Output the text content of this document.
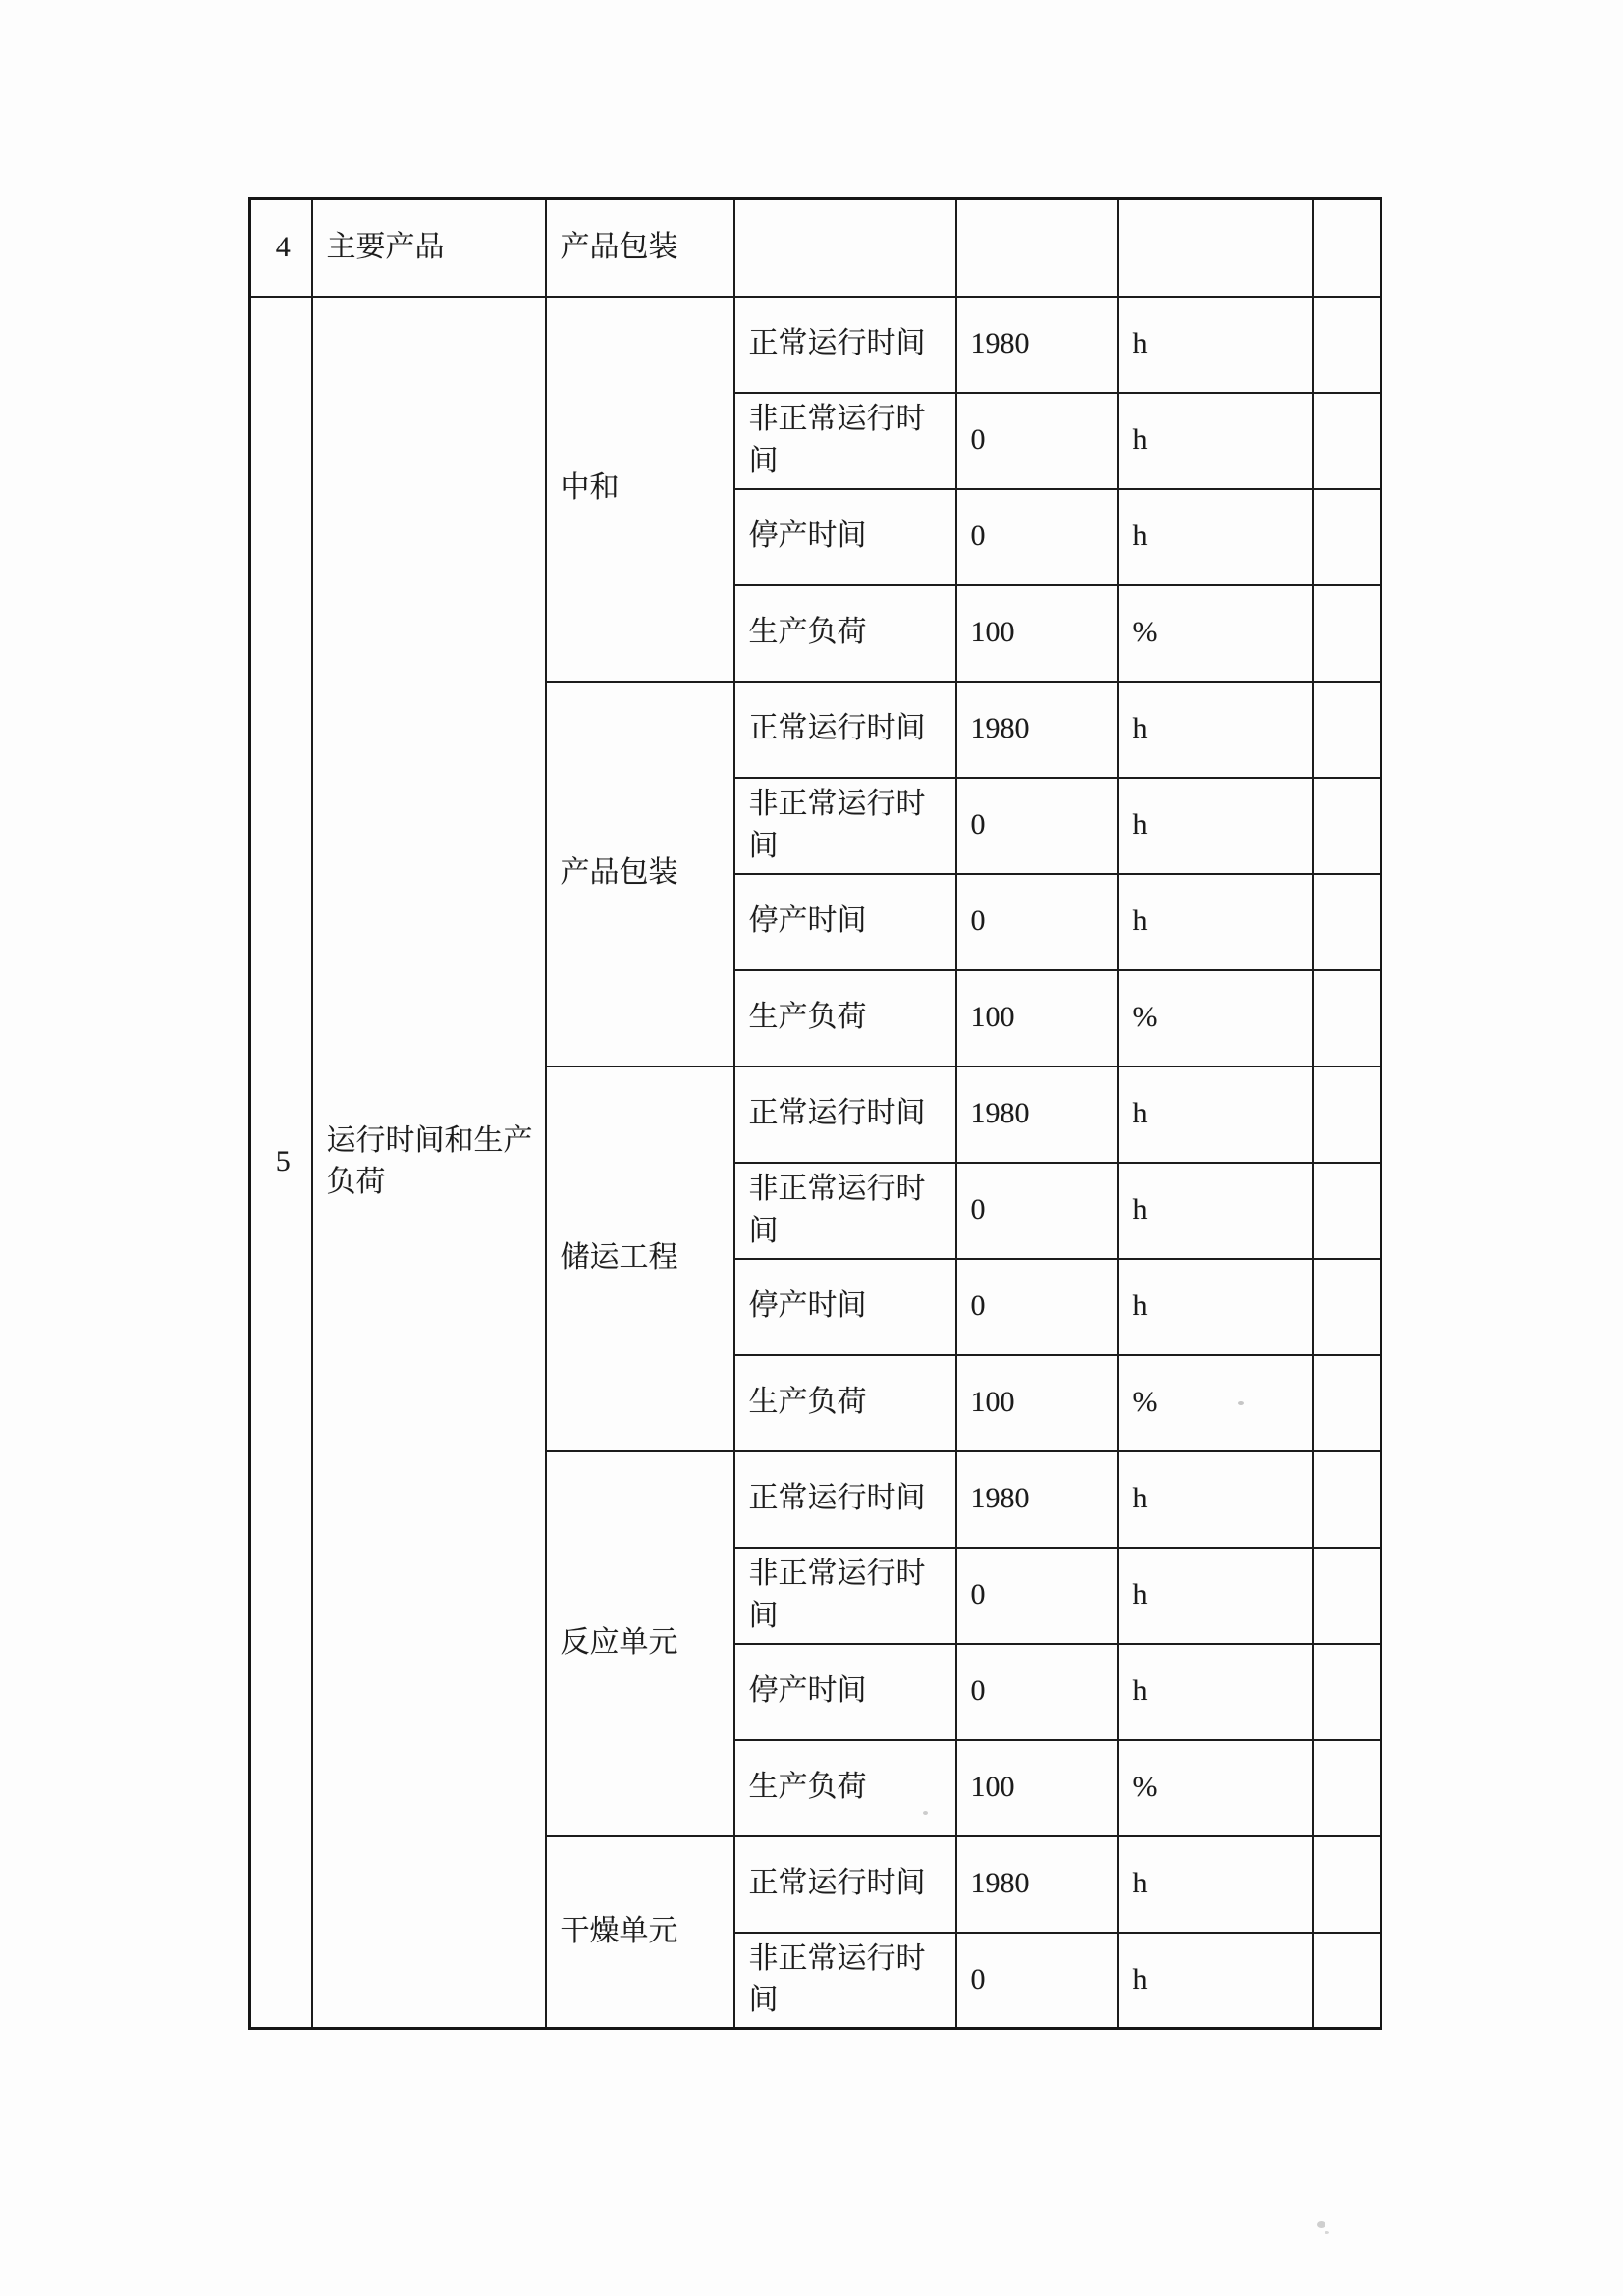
4	主要产品	产品包装				
5	运行时间和生产负荷	中和	正常运行时间	1980	h	
			非正常运行时间	0	h	
			停产时间	0	h	
			生产负荷	100	%	
		产品包装	正常运行时间	1980	h	
			非正常运行时间	0	h	
			停产时间	0	h	
			生产负荷	100	%	
		储运工程	正常运行时间	1980	h	
			非正常运行时间	0	h	
			停产时间	0	h	
			生产负荷	100	%	
		反应单元	正常运行时间	1980	h	
			非正常运行时间	0	h	
			停产时间	0	h	
			生产负荷	100	%	
		干燥单元	正常运行时间	1980	h	
			非正常运行时间	0	h	
